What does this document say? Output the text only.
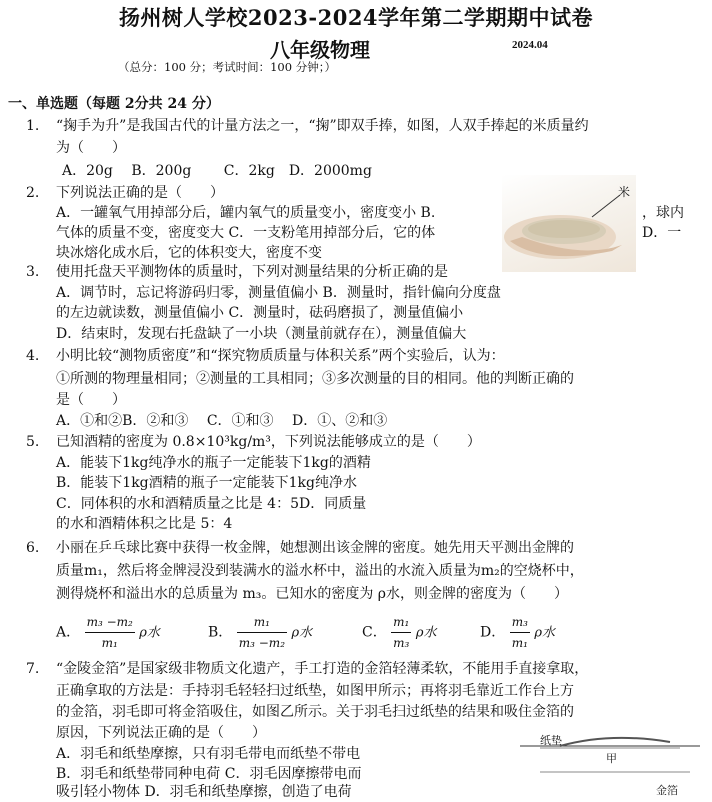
扬州树人学校2023-2024学年第二学期期中试卷
八年级物理	2024.04
（总分：100 分；考试时间：100 分钟；）
一、单选题（每题 2分共 24 分）
米
1. “掬手为升”是我国古代的计量方法之一，“掬”即双手捧，如图，人双手捧起的米质量约
为（　　）
A．20g　 B．200g　　 C．2kg　D．2000mg
2. 下列说法正确的是（　　）
A．一罐氧气用掉部分后，罐内氧气的质量变小，密度变小 B.
气体的质量不变，密度变大 C．一支粉笔用掉部分后，它的体
块冰熔化成水后，它的体积变大，密度不变
，球内
D．一
3. 使用托盘天平测物体的质量时，下列对测量结果的分析正确的是
A．调节时，忘记将游码归零，测量值偏小 B．测量时，指针偏向分度盘
的左边就读数，测量值偏小 C．测量时，砝码磨损了，测量值偏小
D．结束时，发现右托盘缺了一小块（测量前就存在），测量值偏大
4. 小明比较“测物质密度”和“探究物质质量与体积关系”两个实验后，认为：
①所测的物理量相同；②测量的工具相同；③多次测量的目的相同。他的判断正确的
是（　　）
A．①和②B．②和③　 C．①和③　 D．①、②和③
5. 已知酒精的密度为 0.8×10³kg/m³，下列说法能够成立的是（　　）
A．能装下1kg纯净水的瓶子一定能装下1kg的酒精
B．能装下1kg酒精的瓶子一定能装下1kg纯净水
C．同体积的水和酒精质量之比是 4：5D．同质量
的水和酒精体积之比是 5：4
6. 小丽在乒乓球比赛中获得一枚金牌，她想测出该金牌的密度。她先用天平测出金牌的
质量m₁，然后将金牌浸没到装满水的溢水杯中，溢出的水流入质量为m₂的空烧杯中，
测得烧杯和溢出水的总质量为 m₃。已知水的密度为 ρ水，则金牌的密度为（　　）
A． $\frac{\text{m₃ −m₂}}{\text{m₁}}$ ρ水	B． $\frac{\text{m₁}}{\text{m₃ −m₂}}$ ρ水	C． $\frac{\text{m₁}}{\text{m₃}}$ ρ水	D． $\frac{\text{m₃}}{\text{m₁}}$ ρ水
7. “金陵金箔”是国家级非物质文化遗产，手工打造的金箔轻薄柔软，不能用手直接拿取，
正确拿取的方法是：手持羽毛轻轻扫过纸垫，如图甲所示；再将羽毛靠近工作台上方
的金箔，羽毛即可将金箔吸住，如图乙所示。关于羽毛扫过纸垫的结果和吸住金箔的
原因，下列说法正确的是（　　）
A．羽毛和纸垫摩擦，只有羽毛带电而纸垫不带电
B．羽毛和纸垫带同种电荷 C．羽毛因摩擦带电而
吸引轻小物体 D．羽毛和纸垫摩擦，创造了电荷
纸垫
甲
金箔
